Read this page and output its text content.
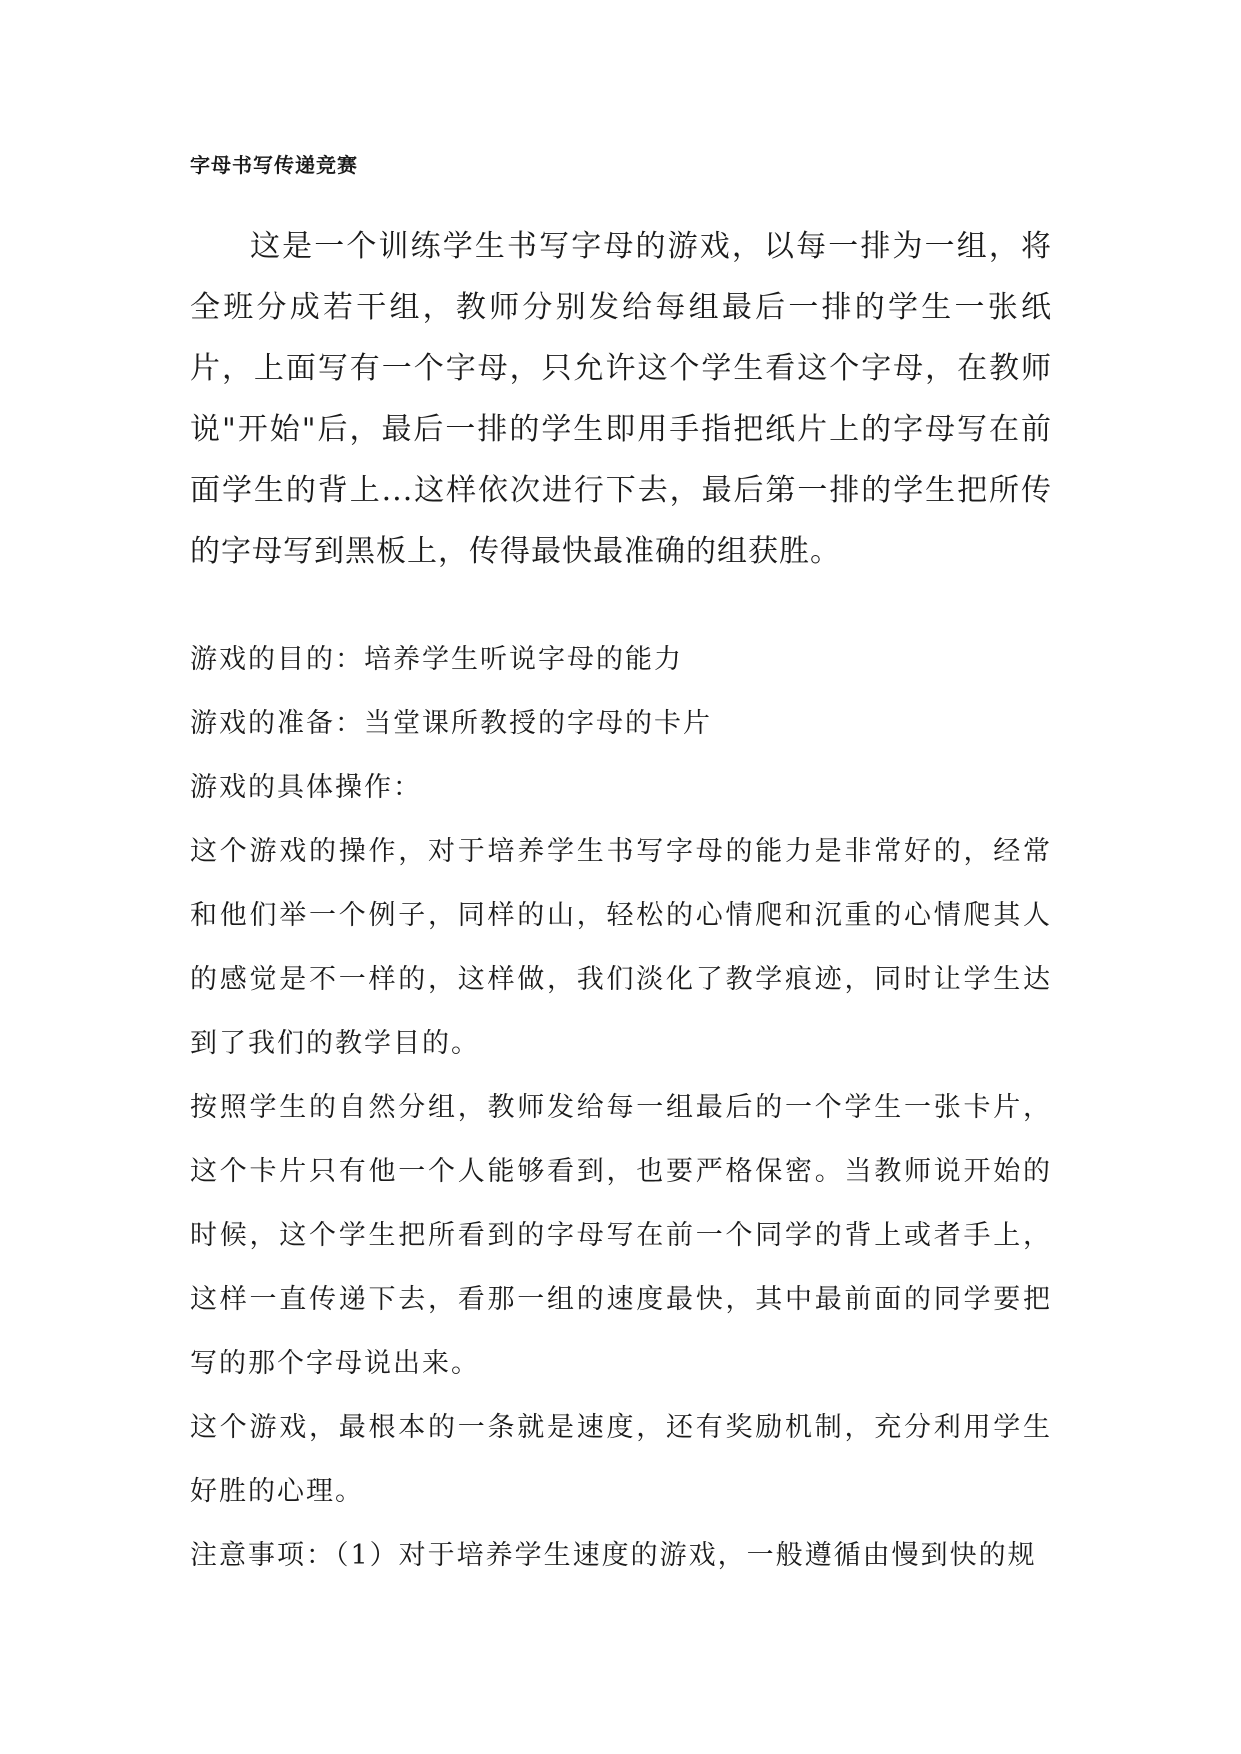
字母书写传递竞赛

这是一个训练学生书写字母的游戏，以每一排为一组，将全班分成若干组，教师分别发给每组最后一排的学生一张纸片，上面写有一个字母，只允许这个学生看这个字母，在教师说"开始"后，最后一排的学生即用手指把纸片上的字母写在前面学生的背上...这样依次进行下去，最后第一排的学生把所传的字母写到黑板上，传得最快最准确的组获胜。

游戏的目的：培养学生听说字母的能力

游戏的准备：当堂课所教授的字母的卡片

游戏的具体操作：

这个游戏的操作，对于培养学生书写字母的能力是非常好的，经常和他们举一个例子，同样的山，轻松的心情爬和沉重的心情爬其人的感觉是不一样的，这样做，我们淡化了教学痕迹，同时让学生达到了我们的教学目的。

按照学生的自然分组，教师发给每一组最后的一个学生一张卡片，这个卡片只有他一个人能够看到，也要严格保密。当教师说开始的时候，这个学生把所看到的字母写在前一个同学的背上或者手上，这样一直传递下去，看那一组的速度最快，其中最前面的同学要把写的那个字母说出来。

这个游戏，最根本的一条就是速度，还有奖励机制，充分利用学生好胜的心理。

注意事项：（1）对于培养学生速度的游戏，一般遵循由慢到快的规
